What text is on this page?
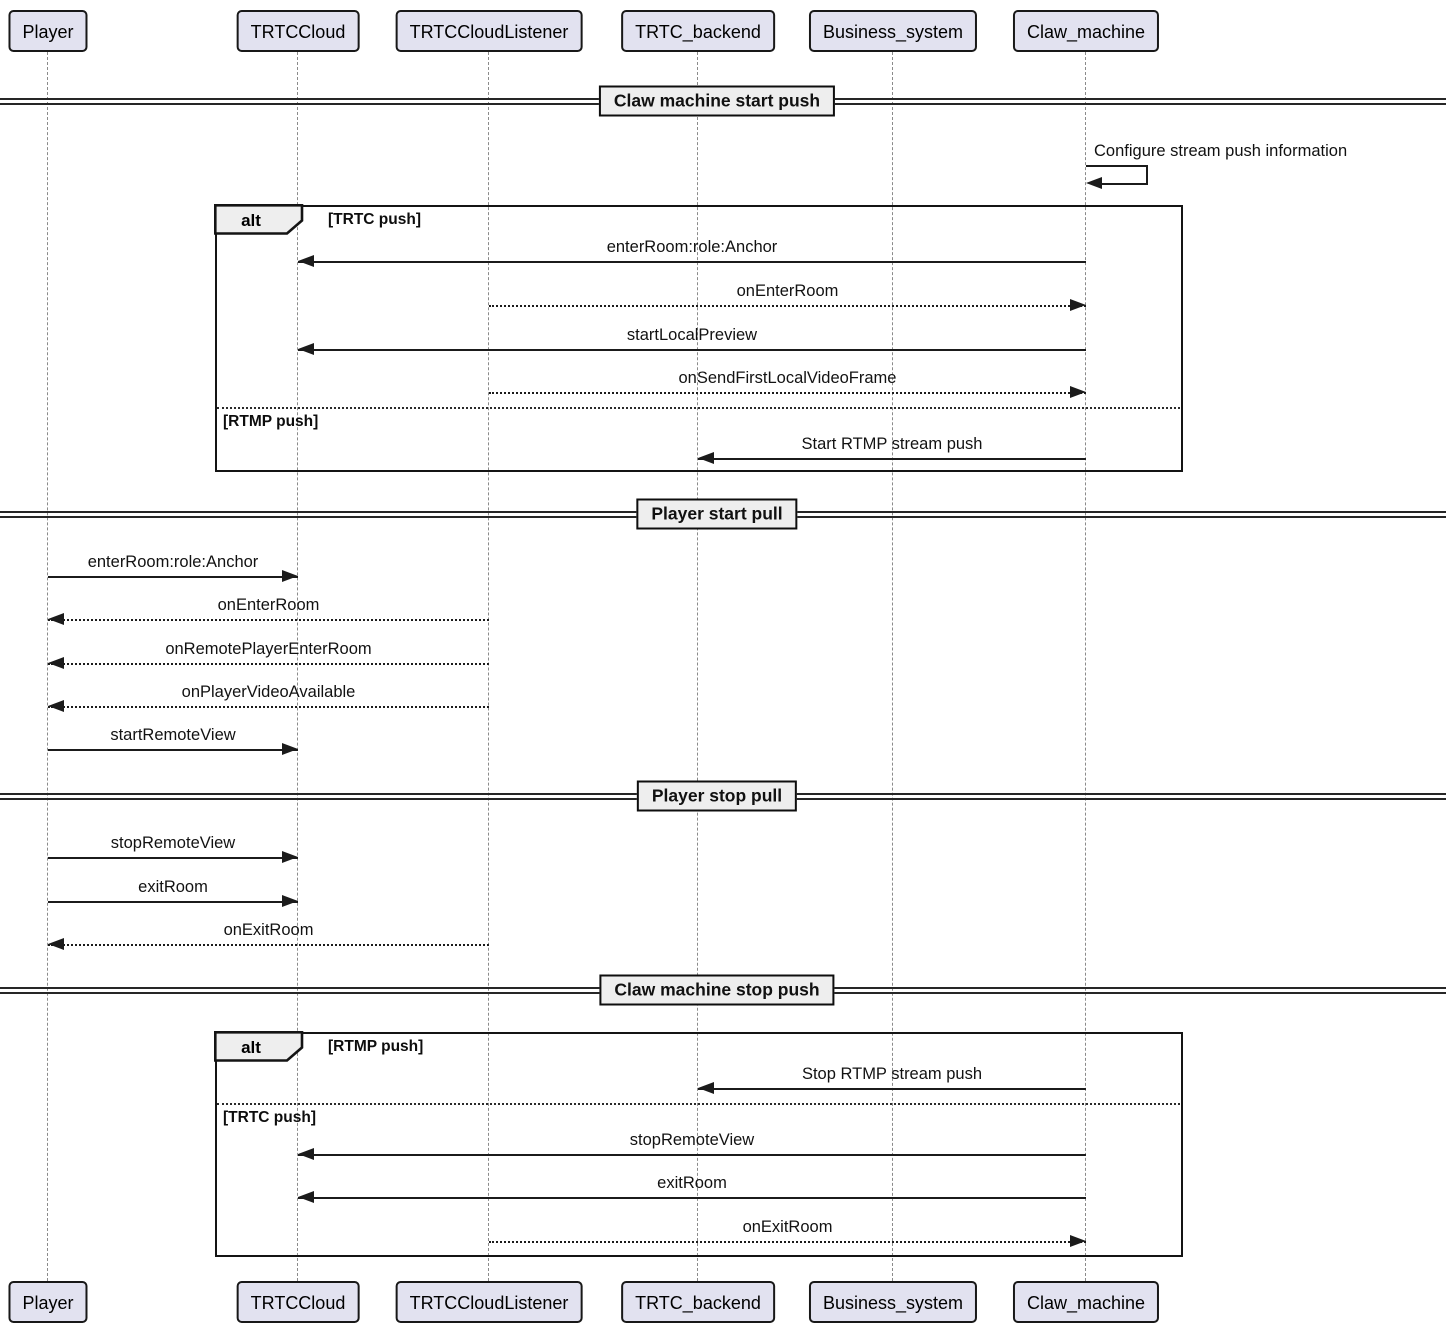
alt	[TRTC push]
[RTMP push]
alt	[RTMP push]
[TRTC push]
enterRoom:role:Anchor
onEnterRoom
startLocalPreview
onSendFirstLocalVideoFrame
Start RTMP stream push
enterRoom:role:Anchor
onEnterRoom
onRemotePlayerEnterRoom
onPlayerVideoAvailable
startRemoteView
stopRemoteView
exitRoom
onExitRoom
Stop RTMP stream push
stopRemoteView
exitRoom
onExitRoom
Configure stream push information
Claw machine start push
Player start pull
Player stop pull
Claw machine stop push
Player
Player
TRTCCloud
TRTCCloud
TRTCCloudListener
TRTCCloudListener
TRTC_backend
TRTC_backend
Business_system
Business_system
Claw_machine
Claw_machine
